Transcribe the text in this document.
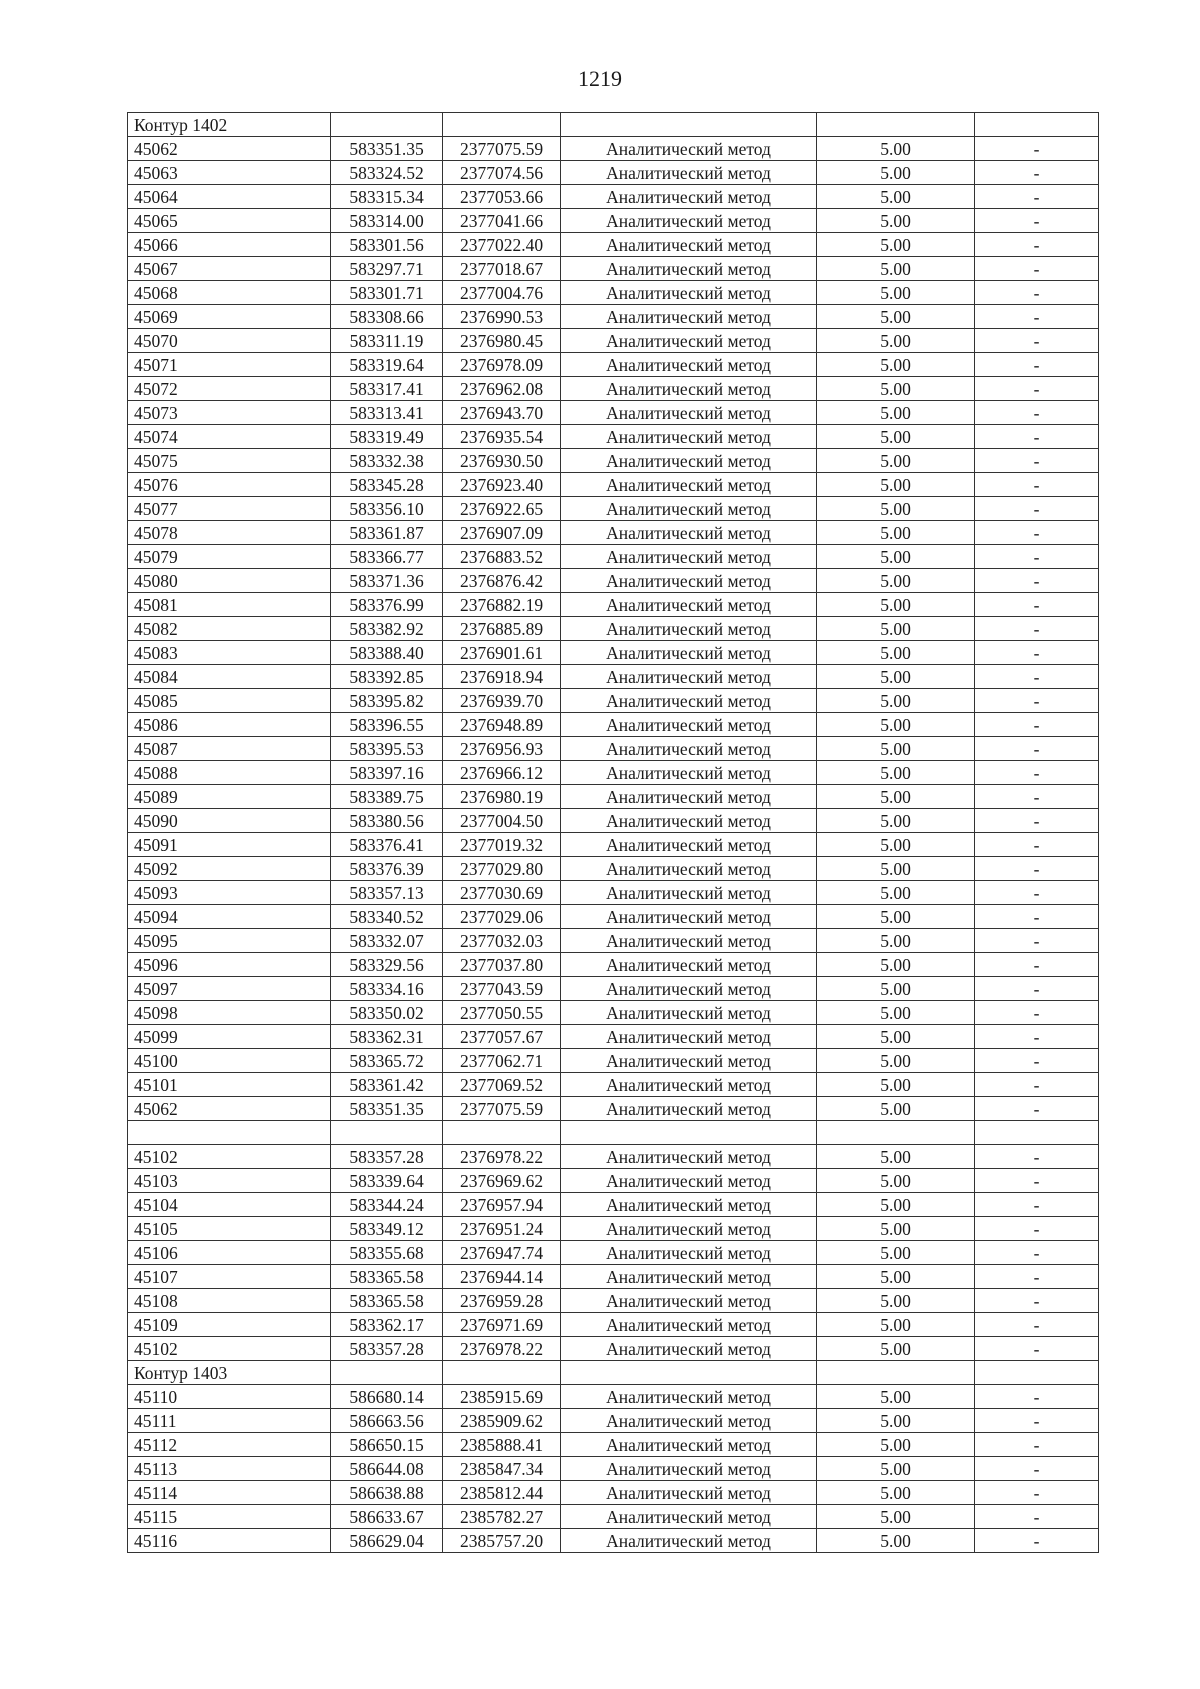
1219
Контур 1402					
45062	583351.35	2377075.59	Аналитический метод	5.00	-
45063	583324.52	2377074.56	Аналитический метод	5.00	-
45064	583315.34	2377053.66	Аналитический метод	5.00	-
45065	583314.00	2377041.66	Аналитический метод	5.00	-
45066	583301.56	2377022.40	Аналитический метод	5.00	-
45067	583297.71	2377018.67	Аналитический метод	5.00	-
45068	583301.71	2377004.76	Аналитический метод	5.00	-
45069	583308.66	2376990.53	Аналитический метод	5.00	-
45070	583311.19	2376980.45	Аналитический метод	5.00	-
45071	583319.64	2376978.09	Аналитический метод	5.00	-
45072	583317.41	2376962.08	Аналитический метод	5.00	-
45073	583313.41	2376943.70	Аналитический метод	5.00	-
45074	583319.49	2376935.54	Аналитический метод	5.00	-
45075	583332.38	2376930.50	Аналитический метод	5.00	-
45076	583345.28	2376923.40	Аналитический метод	5.00	-
45077	583356.10	2376922.65	Аналитический метод	5.00	-
45078	583361.87	2376907.09	Аналитический метод	5.00	-
45079	583366.77	2376883.52	Аналитический метод	5.00	-
45080	583371.36	2376876.42	Аналитический метод	5.00	-
45081	583376.99	2376882.19	Аналитический метод	5.00	-
45082	583382.92	2376885.89	Аналитический метод	5.00	-
45083	583388.40	2376901.61	Аналитический метод	5.00	-
45084	583392.85	2376918.94	Аналитический метод	5.00	-
45085	583395.82	2376939.70	Аналитический метод	5.00	-
45086	583396.55	2376948.89	Аналитический метод	5.00	-
45087	583395.53	2376956.93	Аналитический метод	5.00	-
45088	583397.16	2376966.12	Аналитический метод	5.00	-
45089	583389.75	2376980.19	Аналитический метод	5.00	-
45090	583380.56	2377004.50	Аналитический метод	5.00	-
45091	583376.41	2377019.32	Аналитический метод	5.00	-
45092	583376.39	2377029.80	Аналитический метод	5.00	-
45093	583357.13	2377030.69	Аналитический метод	5.00	-
45094	583340.52	2377029.06	Аналитический метод	5.00	-
45095	583332.07	2377032.03	Аналитический метод	5.00	-
45096	583329.56	2377037.80	Аналитический метод	5.00	-
45097	583334.16	2377043.59	Аналитический метод	5.00	-
45098	583350.02	2377050.55	Аналитический метод	5.00	-
45099	583362.31	2377057.67	Аналитический метод	5.00	-
45100	583365.72	2377062.71	Аналитический метод	5.00	-
45101	583361.42	2377069.52	Аналитический метод	5.00	-
45062	583351.35	2377075.59	Аналитический метод	5.00	-

45102	583357.28	2376978.22	Аналитический метод	5.00	-
45103	583339.64	2376969.62	Аналитический метод	5.00	-
45104	583344.24	2376957.94	Аналитический метод	5.00	-
45105	583349.12	2376951.24	Аналитический метод	5.00	-
45106	583355.68	2376947.74	Аналитический метод	5.00	-
45107	583365.58	2376944.14	Аналитический метод	5.00	-
45108	583365.58	2376959.28	Аналитический метод	5.00	-
45109	583362.17	2376971.69	Аналитический метод	5.00	-
45102	583357.28	2376978.22	Аналитический метод	5.00	-
Контур 1403					
45110	586680.14	2385915.69	Аналитический метод	5.00	-
45111	586663.56	2385909.62	Аналитический метод	5.00	-
45112	586650.15	2385888.41	Аналитический метод	5.00	-
45113	586644.08	2385847.34	Аналитический метод	5.00	-
45114	586638.88	2385812.44	Аналитический метод	5.00	-
45115	586633.67	2385782.27	Аналитический метод	5.00	-
45116	586629.04	2385757.20	Аналитический метод	5.00	-
